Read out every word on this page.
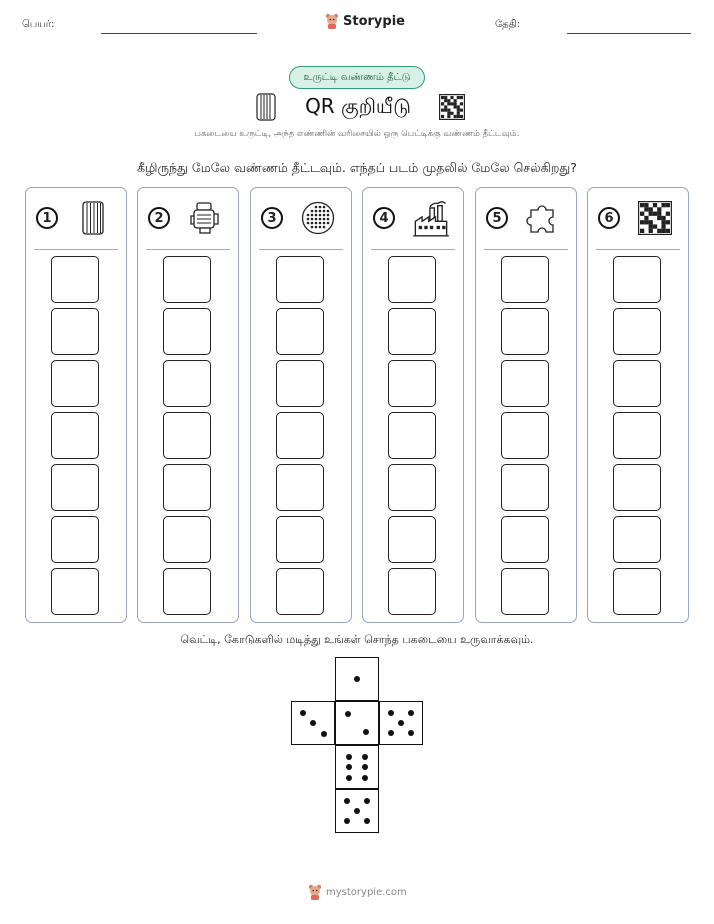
பெயர்:	Storypie	தேதி:
உருட்டி வண்ணம் தீட்டு
QR குறியீடு
பகடையை உருட்டி, அந்த எண்ணின் வரிசையில் ஒரு பெட்டிக்கு வண்ணம் தீட்டவும்.
கீழிருந்து மேலே வண்ணம் தீட்டவும். எந்தப் படம் முதலில் மேலே செல்கிறது?
1	2	3	4	5	6
வெட்டி, கோடுகளில் மடித்து உங்கள் சொந்த பகடையை உருவாக்கவும்.
mystorypie.com
